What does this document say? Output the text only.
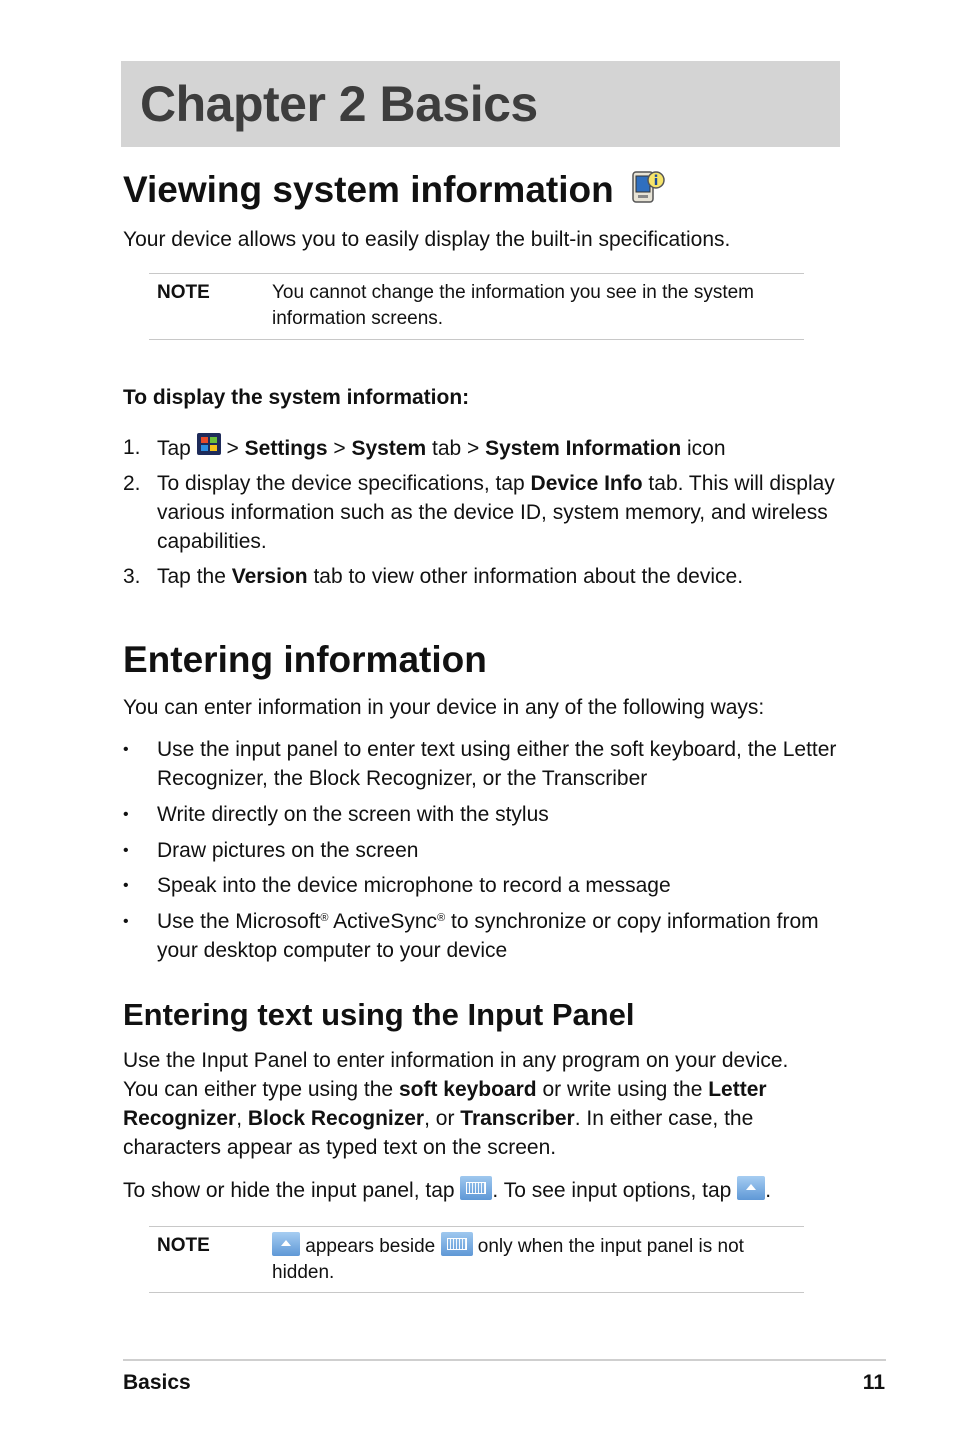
Chapter 2 Basics
Viewing system information
Your device allows you to easily display the built-in specifications.
NOTE	You cannot change the information you see in the system information screens.
To display the system information:
1. Tap > Settings > System tab > System Information icon
2. To display the device specifications, tap Device Info tab. This will display various information such as the device ID, system memory, and wireless capabilities.
3. Tap the Version tab to view other information about the device.
Entering information
You can enter information in your device in any of the following ways:
• Use the input panel to enter text using either the soft keyboard, the Letter Recognizer, the Block Recognizer, or the Transcriber
• Write directly on the screen with the stylus
• Draw pictures on the screen
• Speak into the device microphone to record a message
• Use the Microsoft® ActiveSync® to synchronize or copy information from your desktop computer to your device
Entering text using the Input Panel
Use the Input Panel to enter information in any program on your device. You can either type using the soft keyboard or write using the Letter Recognizer, Block Recognizer, or Transcriber. In either case, the characters appear as typed text on the screen.
To show or hide the input panel, tap . To see input options, tap .
NOTE	appears beside  only when the input panel is not hidden.
Basics	11
